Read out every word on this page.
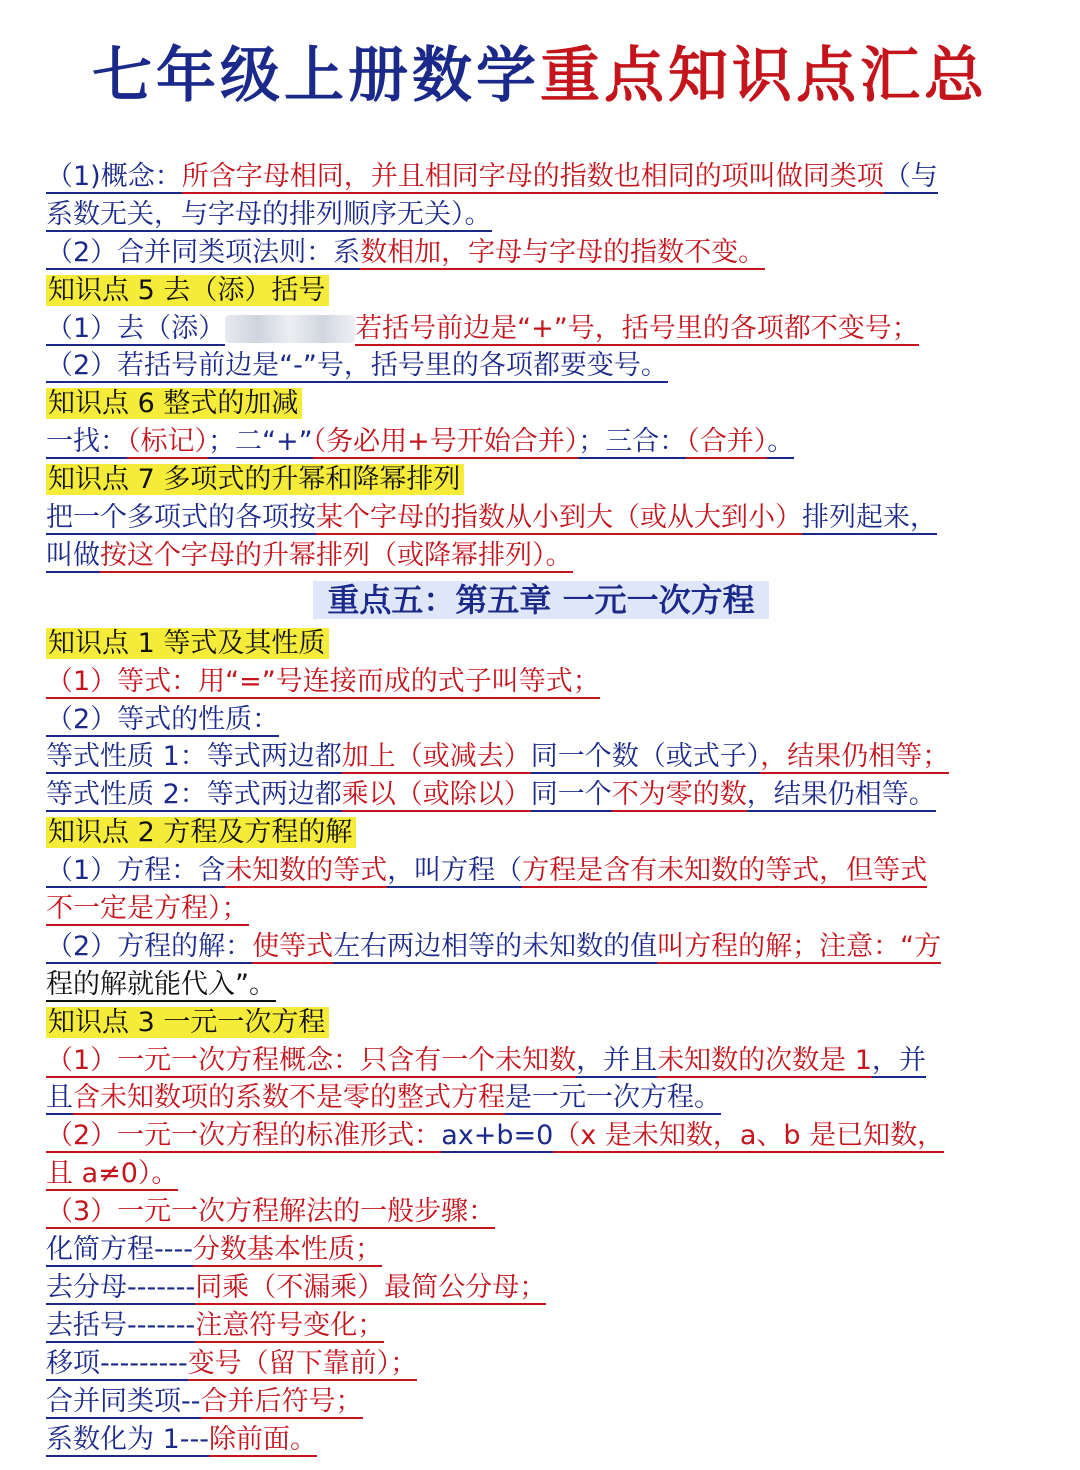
七年级上册数学重点知识点汇总
（1)概念：所含字母相同，并且相同字母的指数也相同的项叫做同类项（与
系数无关，与字母的排列顺序无关）。
（2）合并同类项法则：系数相加，字母与字母的指数不变。
知识点 5 去（添）括号
（1）去（添）	若括号前边是“+”号，括号里的各项都不变号；
（2）若括号前边是“-”号，括号里的各项都要变号。
知识点 6 整式的加减
一找：（标记）；二“+”（务必用+号开始合并）；三合：（合并）。
知识点 7 多项式的升幂和降幂排列
把一个多项式的各项按某个字母的指数从小到大（或从大到小）排列起来，
叫做按这个字母的升幂排列（或降幂排列）。
重点五：第五章 一元一次方程
知识点 1 等式及其性质
（1）等式：用“=”号连接而成的式子叫等式；
（2）等式的性质：
等式性质 1：等式两边都加上（或减去）同一个数（或式子），结果仍相等；
等式性质 2：等式两边都乘以（或除以）同一个不为零的数，结果仍相等。
知识点 2 方程及方程的解
（1）方程：含未知数的等式，叫方程（方程是含有未知数的等式，但等式
不一定是方程）；
（2）方程的解：使等式左右两边相等的未知数的值叫方程的解；注意：“方
程的解就能代入”。
知识点 3 一元一次方程
（1）一元一次方程概念：只含有一个未知数，并且未知数的次数是 1，并
且含未知数项的系数不是零的整式方程是一元一次方程。
（2）一元一次方程的标准形式：ax+b=0（x 是未知数，a、b 是已知数，
且 a≠0）。
（3）一元一次方程解法的一般步骤：
化简方程----分数基本性质；
去分母-------同乘（不漏乘）最简公分母；
去括号-------注意符号变化；
移项---------变号（留下靠前）；
合并同类项--合并后符号；
系数化为 1---除前面。
